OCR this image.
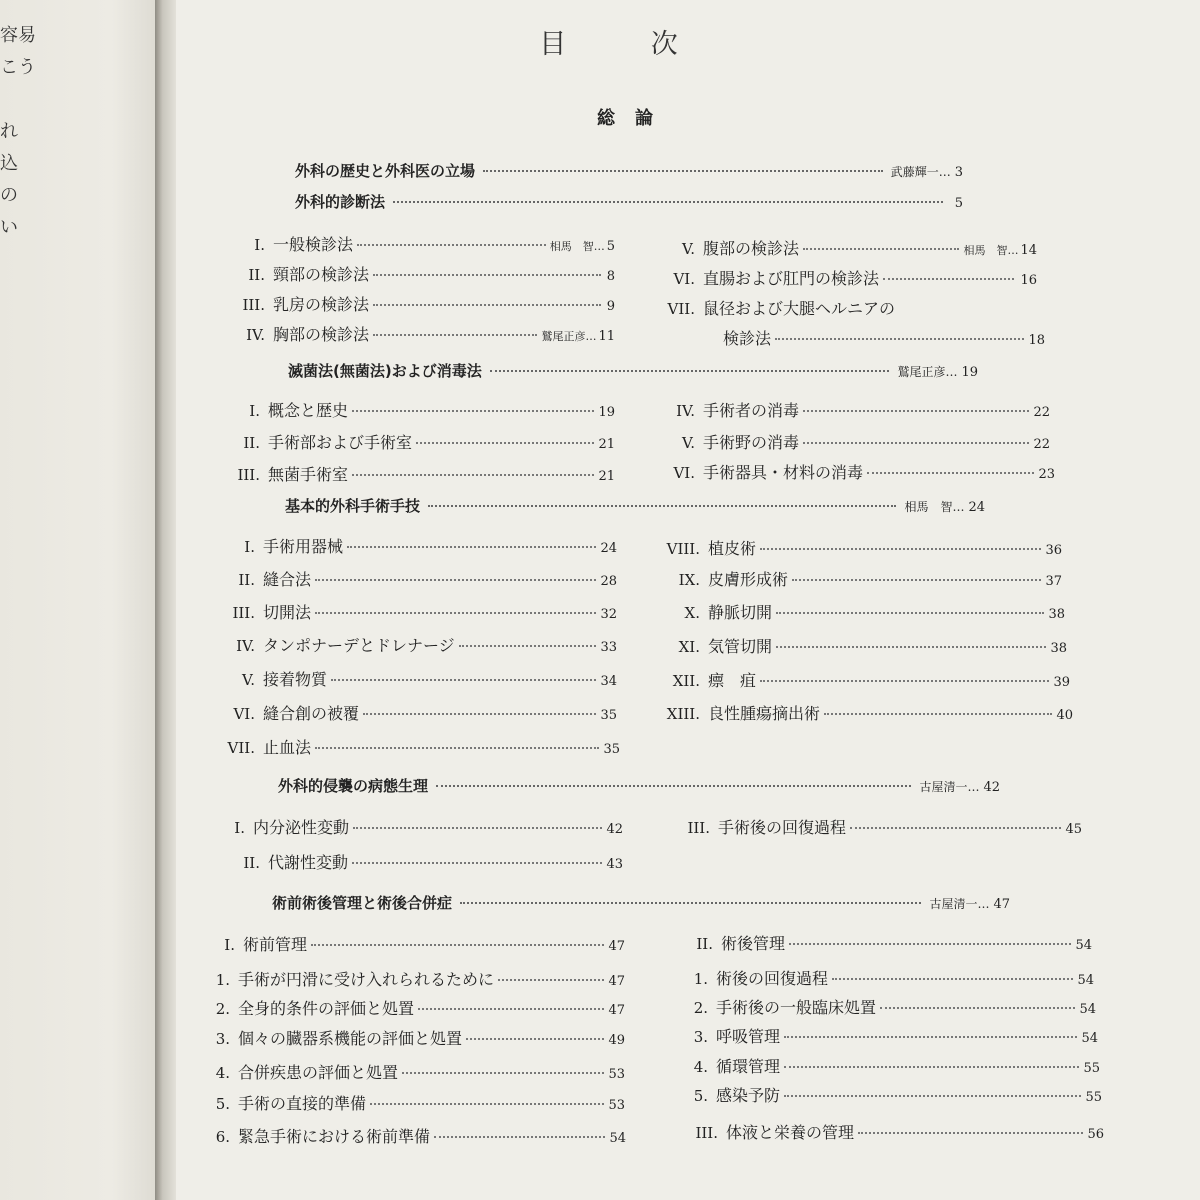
容易
こう
れ
込
の
い
目 次
総論
外科の歴史と外科医の立場	武藤輝一… 3
外科的診断法	5
滅菌法(無菌法)および消毒法	鷲尾正彦… 19
基本的外科手術手技	相馬　智… 24
外科的侵襲の病態生理	古屋清一… 42
術前術後管理と術後合併症	古屋清一… 47
I. 一般検診法	相馬　智… 5
II. 頸部の検診法	8
III. 乳房の検診法	9
IV. 胸部の検診法	鷲尾正彦… 11
V. 腹部の検診法	相馬　智… 14
VI. 直腸および肛門の検診法	16
VII. 鼠径および大腿ヘルニアの
検診法	18
I. 概念と歴史	19
II. 手術部および手術室	21
III. 無菌手術室	21
IV. 手術者の消毒	22
V. 手術野の消毒	22
VI. 手術器具・材料の消毒	23
I. 手術用器械	24
II. 縫合法	28
III. 切開法	32
IV. タンポナーデとドレナージ	33
V. 接着物質	34
VI. 縫合創の被覆	35
VII. 止血法	35
VIII. 植皮術	36
IX. 皮膚形成術	37
X. 静脈切開	38
XI. 気管切開	38
XII. 瘭　疽	39
XIII. 良性腫瘍摘出術	40
I. 内分泌性変動	42
II. 代謝性変動	43
III. 手術後の回復過程	45
I. 術前管理	47
1. 手術が円滑に受け入れられるために	47
2. 全身的条件の評価と処置	47
3. 個々の臓器系機能の評価と処置	49
4. 合併疾患の評価と処置	53
5. 手術の直接的準備	53
6. 緊急手術における術前準備	54
II. 術後管理	54
1. 術後の回復過程	54
2. 手術後の一般臨床処置	54
3. 呼吸管理	54
4. 循環管理	55
5. 感染予防	55
III. 体液と栄養の管理	56
